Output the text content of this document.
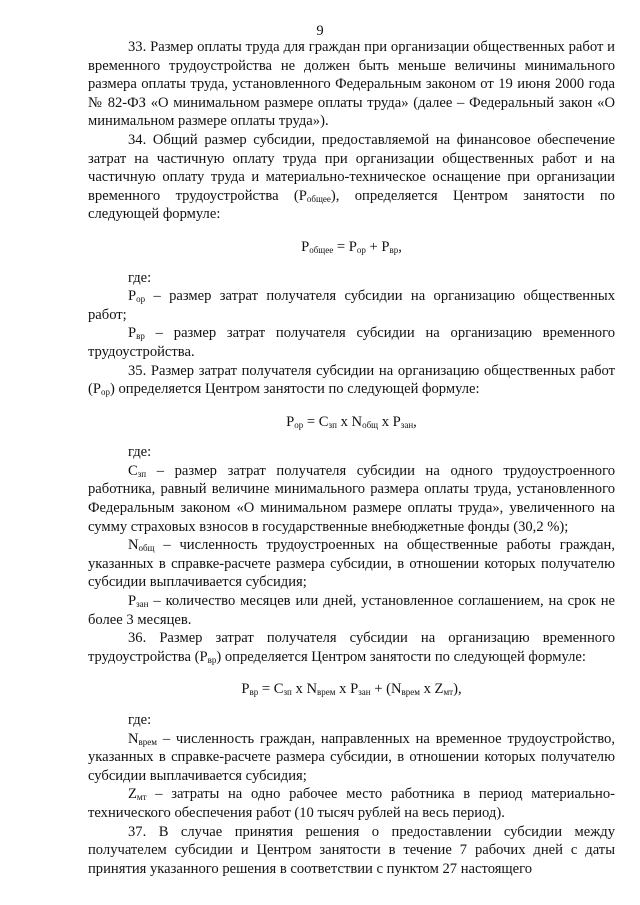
9

33. Размер оплаты труда для граждан при организации общественных работ и временного трудоустройства не должен быть меньше величины минимального размера оплаты труда, установленного Федеральным законом от 19 июня 2000 года № 82-ФЗ «О минимальном размере оплаты труда» (далее – Федеральный закон «О минимальном размере оплаты труда»).

34. Общий размер субсидии, предоставляемой на финансовое обеспечение затрат на частичную оплату труда при организации общественных работ и на частичную оплату труда и материально-техническое оснащение при организации временного трудоустройства $(P_{общее})$, определяется Центром занятости по следующей формуле:

$P_{общее} = P_{ор} + P_{вр}$,

где:

$P_{ор}$ – размер затрат получателя субсидии на организацию общественных работ;

$P_{вр}$ – размер затрат получателя субсидии на организацию временного трудоустройства.

35. Размер затрат получателя субсидии на организацию общественных работ $(P_{ор})$ определяется Центром занятости по следующей формуле:

$P_{ор} = C_{зп}$ x $N_{общ}$ x $P_{зан}$,

где:

$C_{зп}$ – размер затрат получателя субсидии на одного трудоустроенного работника, равный величине минимального размера оплаты труда, установленного Федеральным законом «О минимальном размере оплаты труда», увеличенного на сумму страховых взносов в государственные внебюджетные фонды (30,2 %);

$N_{общ}$ – численность трудоустроенных на общественные работы граждан, указанных в справке-расчете размера субсидии, в отношении которых получателю субсидии выплачивается субсидия;

$P_{зан}$ – количество месяцев или дней, установленное соглашением, на срок не более 3 месяцев.

36. Размер затрат получателя субсидии на организацию временного трудоустройства $(P_{вр})$ определяется Центром занятости по следующей формуле:

$P_{вр} = C_{зп}$ x $N_{врем}$ x $P_{зан} + (N_{врем}$ x $Z_{мт}$),

где:

$N_{врем}$ – численность граждан, направленных на временное трудоустройство, указанных в справке-расчете размера субсидии, в отношении которых получателю субсидии выплачивается субсидия;

$Z_{мт}$ – затраты на одно рабочее место работника в период материально-технического обеспечения работ (10 тысяч рублей на весь период).

37. В случае принятия решения о предоставлении субсидии между получателем субсидии и Центром занятости в течение 7 рабочих дней с даты принятия указанного решения в соответствии с пунктом 27 настоящего
